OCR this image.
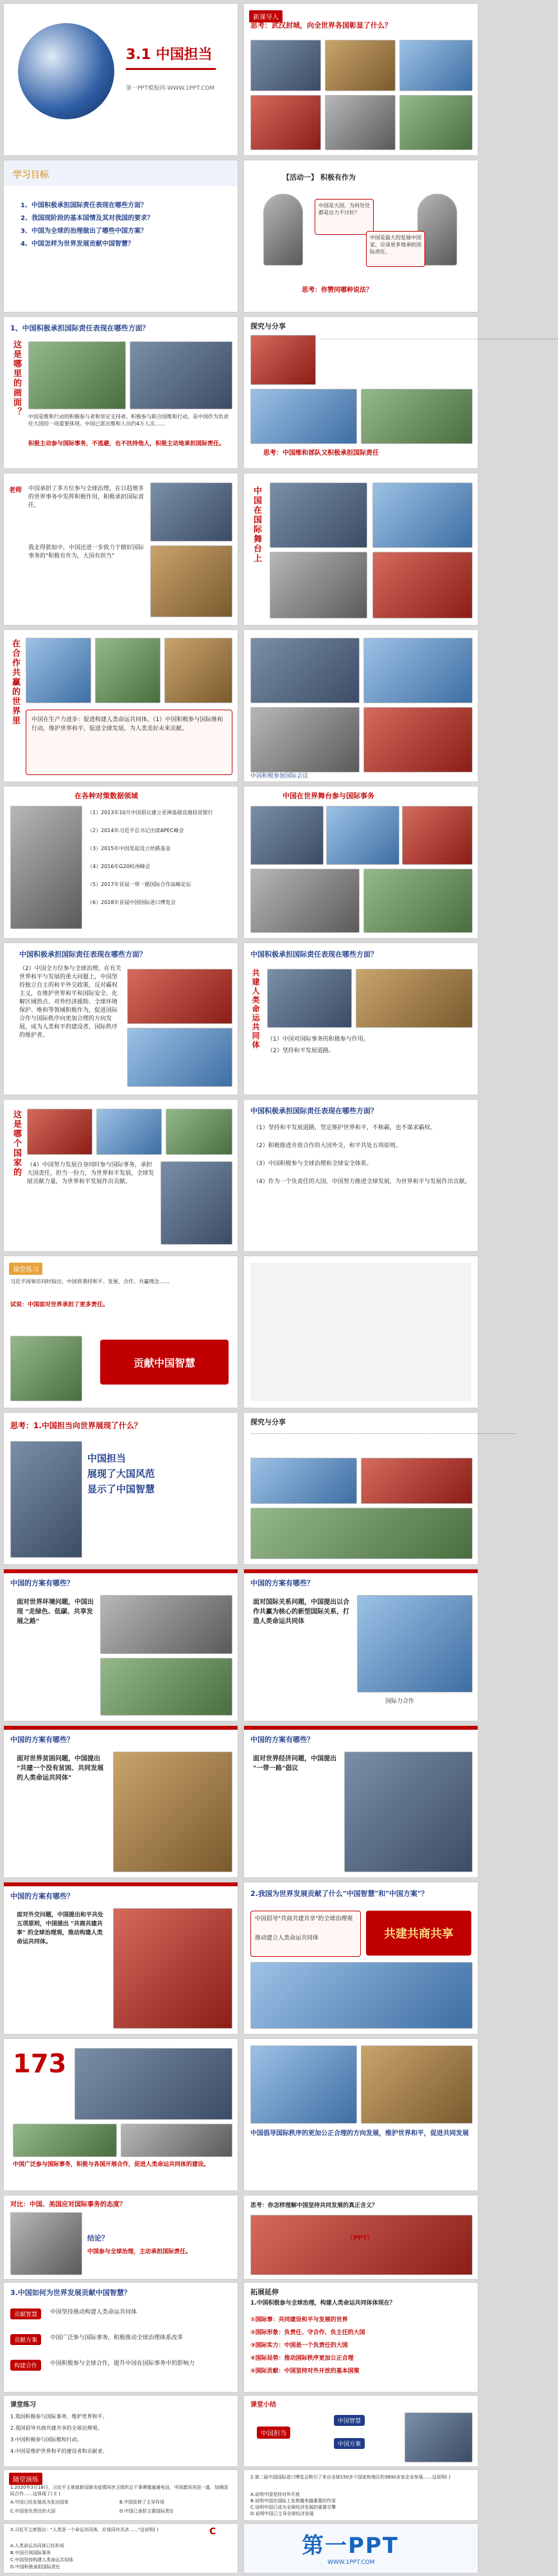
3.1 中国担当
第一PPT模板网-WWW.1PPT.COM
新课导入
思考：武汉封城，向全世界各国彰显了什么？
学习目标
1、中国积极承担国际责任表现在哪些方面？
2、我国现阶段的基本国情及其对我国的要求？
3、中国为全球的治理做出了哪些中国方案？
4、中国怎样为世界发展贡献中国智慧？
【活动一】 积极有作为
中国是大国，为何处处都是出力不讨好？
中国是最大的发展中国家，应该更多地承担国际责任。
思考：你赞同哪种说法？
1、中国积极承担国际责任表现在哪些方面？
这是哪里的画面？ 中国是维和行动的积极参与者和坚定支持者。积极参与联合国维和行动，是中国作为负责任大国的一项重要体现。中国已派出维和人员约4万人次……
积极主动参与国际事务，不逃避，也不扶持他人，积极主动地承担国际责任。
探究与分享
……………………………………………………………………………………………………………………………………………
思考：中国维和部队又积极承担国际责任
老师 中国承担了多方位参与全球治理，在日趋增多的世界事务中发挥积极作用，积极承担国际责任。
我北得犹如中，中国还进一步致力于做好国际事务的"积极有作为，大国有担当"	中国在国际舞台上
在合作共赢的世界里 中国在生产力进步：促进构建人类命运共同体。（1）中国积极参与国际维和行动，维护世界和平，促进全球发展，为人类美好未来贡献。
中国积极参加国际会议
在各种对策数据领域
（1）2013年10月中国倡议建立亚洲基础设施投资银行
（2）2014年习近平总书记出席APEC峰会
（3）2015年中国发起设立丝路基金
（4）2016年G20杭州峰会
（5）2017年首届一带一路国际合作高峰论坛
（6）2018年首届中国国际进口博览会
中国在世界舞台参与国际事务
中国积极承担国际责任表现在哪些方面？
（2）中国全方位参与全球治理。在有关世界和平与发展的重大问题上，中国坚持独立自主的和平外交政策，反对霸权主义，在维护世界和平和国际安全、化解区域热点、对外经济援助、全球环境保护、维和等领域积极作为，促进国际合作与国际秩序向更加合理的方向发展，成为人类和平的建设者，国际秩序的维护者。
中国积极承担国际责任表现在哪些方面？
共建人类命运共同体 （1）中国对国际事务的积极参与作用。
（2）坚持和平发展道路。
这是哪个国家的 （4）中国努力发展自身同时参与国际事务，承担大国责任，担当一份力，为世界和平发展，全球发展贡献力量，为世界和平发展作出贡献。
中国积极承担国际责任表现在哪些方面？
（1）坚持和平发展道路，坚定维护世界和平，不称霸，也不谋求霸权。
（2）积极推进开放合作的大国外交，和平共处五项原则。
（3）中国积极参与全球治理和全球安全体系。
（4）作为一个负责任的大国，中国努力推进全球发展，为世界和平与发展作出贡献。
课堂练习
习近平国事访问时指出，中国将秉持和平、发展、合作、共赢理念……
试说：中国面对世界承担了更多责任。
贡献中国智慧
思考：1.中国担当向世界展现了什么？
中国担当
展现了大国风范
显示了中国智慧
探究与分享
……………………………………………………………………………………………………………………………………………………………
中国的方案有哪些？
面对世界环境问题，中国出现 "走绿色、低碳、共享发展之路"
中国的方案有哪些？
面对国际关系问题，中国提出以合作共赢为核心的新型国际关系，打造人类命运共同体
国际力合作
中国的方案有哪些？
面对世界贫困问题，中国提出 "共建一个没有贫困、共同发展的人类命运共同体"
中国的方案有哪些？
面对世界经济问题，中国提出 "一带一路"倡议
中国的方案有哪些？
面对外交问题，中国提出和平共处五项原则，中国提出 "共商共建共享" 的全球治理观，推动构建人类命运共同体。
2.我国为世界发展贡献了什么"中国智慧"和"中国方案"？
共建共商共享
中国倡导"共商共建共享"的全球治理观
推动建立人类命运共同体
173
中国广泛参与国际事务，积极与各国开展合作，促进人类命运共同体的建设。
中国倡导国际秩序的更加公正合理的方向发展，维护世界和平，促进共同发展
对比：中国、美国应对国际事务的态度？
结论？
中国参与全球治理，主动承担国际责任。
思考：你怎样理解中国坚持共同发展的真正含义？
（PPT）
3.中国如何为世界发展贡献中国智慧？
贡献智慧	中国坚持推动构建人类命运共同体
贡献方案	中国广泛参与国际事务，积极推动全球治理体系改革
构建合作	中国积极参与全球合作，提升中国在国际事务中的影响力
拓展延伸
1.中国积极参与全球治理，构建人类命运共同体体现在？
①国际事：共同建设和平与发展的世界
②国际形象：负责任、守合作、负主任的大国
③国际实力：中国是一个负责任的大国
④国际局势：推动国际秩序更加公正合理
⑤国际贡献：中国坚持对外开放的基本国策
课堂练习
1.我国积极参与国际事务，维护世界和平。
2.我国倡导共商共建共享的全球治理观。
3.中国积极参与国际维和行动。
4.中国是维护世界和平的建设者和贡献者。
课堂小结
中国担当
中国智慧
中国方案
随堂演练
1.2020年3月18日，习近平主席就新冠肺炎疫情同世卫组织总干事谭德塞通电话，中国愿同各国一道，加强国际合作……这体现了( C )
A.中国已经发展成为发达国家	B.中国发挥了主导作用
C.中国是负责任的大国	D.中国已承担主要国际责任
2.第二届中国国际进口博览会吸引了来自全球150多个国家和地区的3800多家企业参展……这说明( )
A.说明中国坚持对外开放
B.说明中国在国际上发挥越来越重要的作用
C.说明中国已成为全球经济发展的重要引擎
D.说明中国已主导全球经济发展
3.习近平主席指出："人类是一个命运共同体，应该同舟共济……"这说明( )	C
A.人类命运共同体已经形成
B.中国引领国际事务
C.中国坚持构建人类命运共同体
D.中国积极承担国际责任
第一PPT
WWW.1PPT.COM
